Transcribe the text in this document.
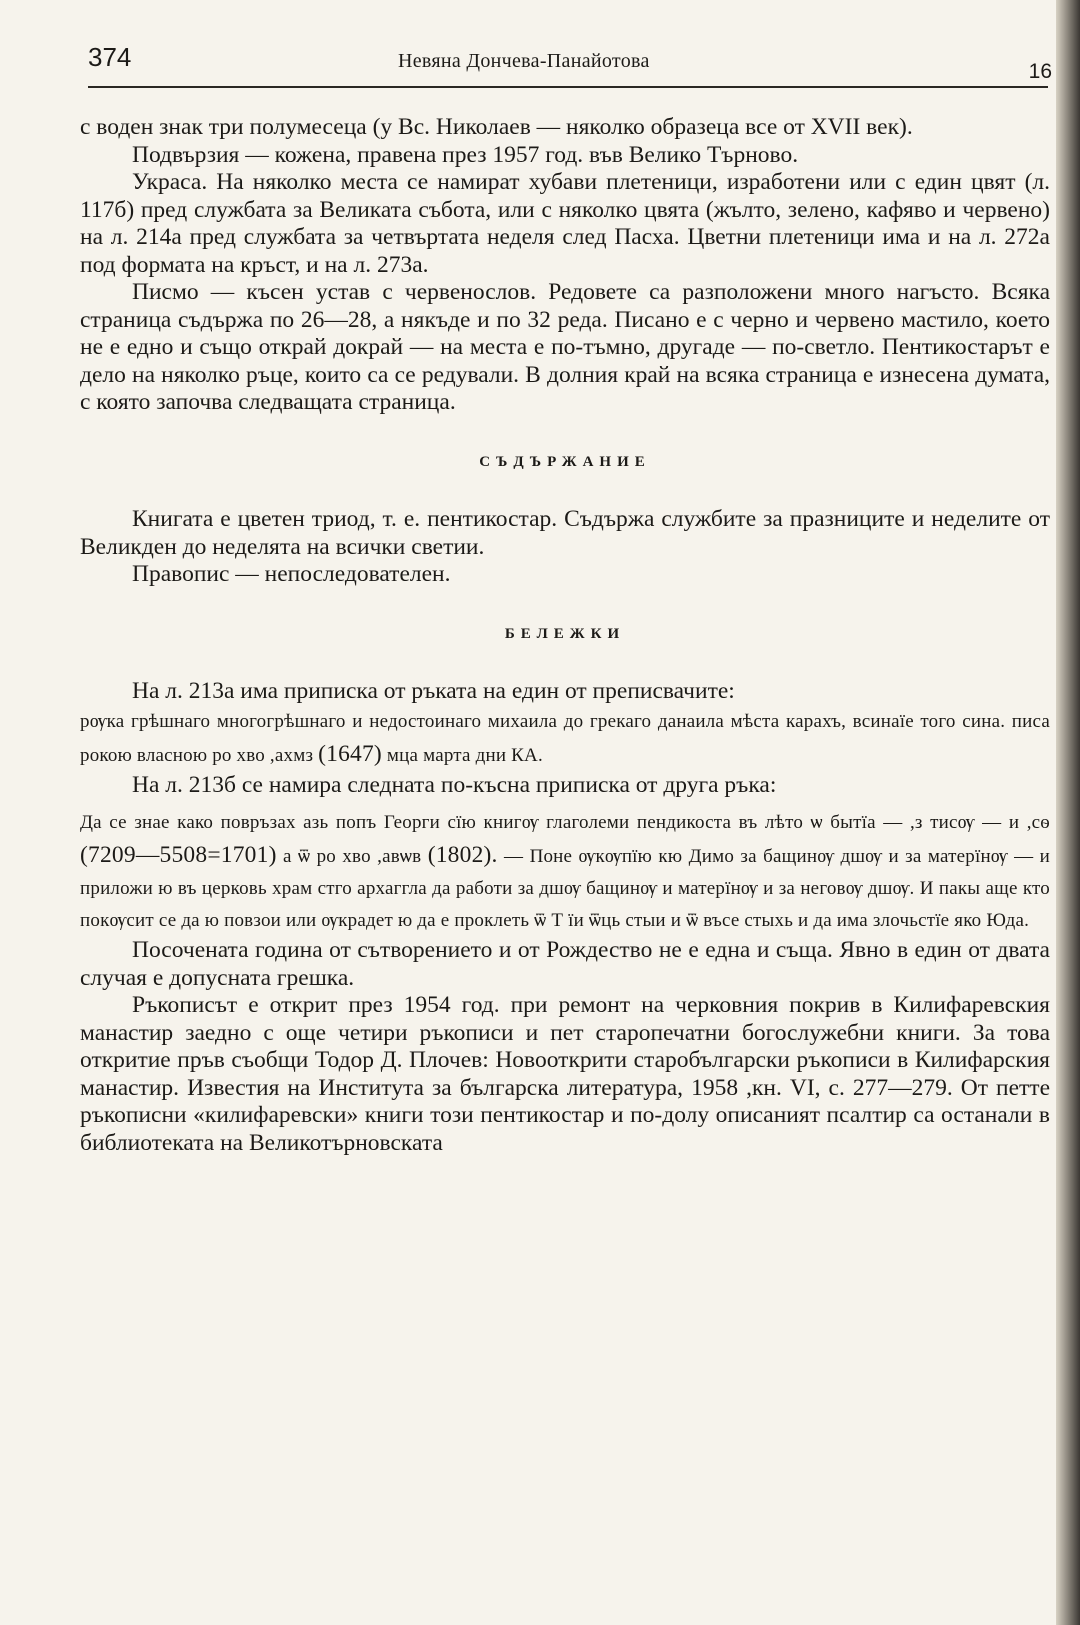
374	Невяна Дончева-Панайотова	16

с воден знак три полумесеца (у Вс. Николаев — няколко образеца все от XVII век).

Подвързия — кожена, правена през 1957 год. във Велико Търново.

Украса. На няколко места се намират хубави плетеници, изработени или с един цвят (л. 117б) пред службата за Великата събота, или с няколко цвята (жълто, зелено, кафяво и червено) на л. 214а пред службата за четвъртата неделя след Пасха. Цветни плетеници има и на л. 272а под формата на кръст, и на л. 273а.

Писмо — късен устав с червенослов. Редовете са разположени много нагъсто. Всяка страница съдържа по 26—28, а някъде и по 32 реда. Писано е с черно и червено мастило, което не е едно и също открай докрай — на места е по-тъмно, другаде — по-светло. Пентикостарът е дело на няколко ръце, които са се редували. В долния край на всяка страница е изнесена думата, с която започва следващата страница.

СЪДЪРЖАНИЕ

Книгата е цветен триод, т. е. пентикостар. Съдържа службите за празниците и неделите от Великден до неделята на всички светии.

Правопис — непоследователен.

БЕЛЕЖКИ

На л. 213а има приписка от ръката на един от преписвачите:

рѹка грѣшнаго многогрѣшнаго и недостоинаго михаила до грекаго данаила мѣста карахъ, всинаїе того сина. писа рокою власною ро хво ,ахмз (1647) мца марта дни КА.

На л. 213б се намира следната по-късна приписка от друга ръка:

Да се знае како повръзах азь попъ Георги сїю книгѹ глаголеми пендикоста въ лѣто ѡ бытїа — ,з тисѹ — и ,сѳ (7209—5508=1701) а ѿ ро хво ,авѡв (1802). — Поне ѹкѹпїю кю Димо за бащинѹ дшѹ и за матерїнѹ — и приложи ю въ церковь храм стго архаггла да работи за дшѹ бащинѹ и матерїнѹ и за неговѹ дшѹ. И пакы аще кто покѹсит се да ю повзои или ѹкрадет ю да е проклеть ѿ Т їи ѿць стыи и ѿ въсе стыхь и да има злочьстїе яко Юда.

Посочената година от сътворението и от Рождество не е една и съща. Явно в един от двата случая е допусната грешка.

Ръкописът е открит през 1954 год. при ремонт на черковния покрив в Килифаревския манастир заедно с още четири ръкописи и пет старопечатни богослужебни книги. За това откритие пръв съобщи Тодор Д. Плочев: Новооткрити старобългарски ръкописи в Килифарския манастир. Известия на Института за българска литература, 1958 ,кн. VI, с. 277—279. От петте ръкописни «килифаревски» книги този пентикостар и по-долу описаният псалтир са останали в библиотеката на Великотърновската
